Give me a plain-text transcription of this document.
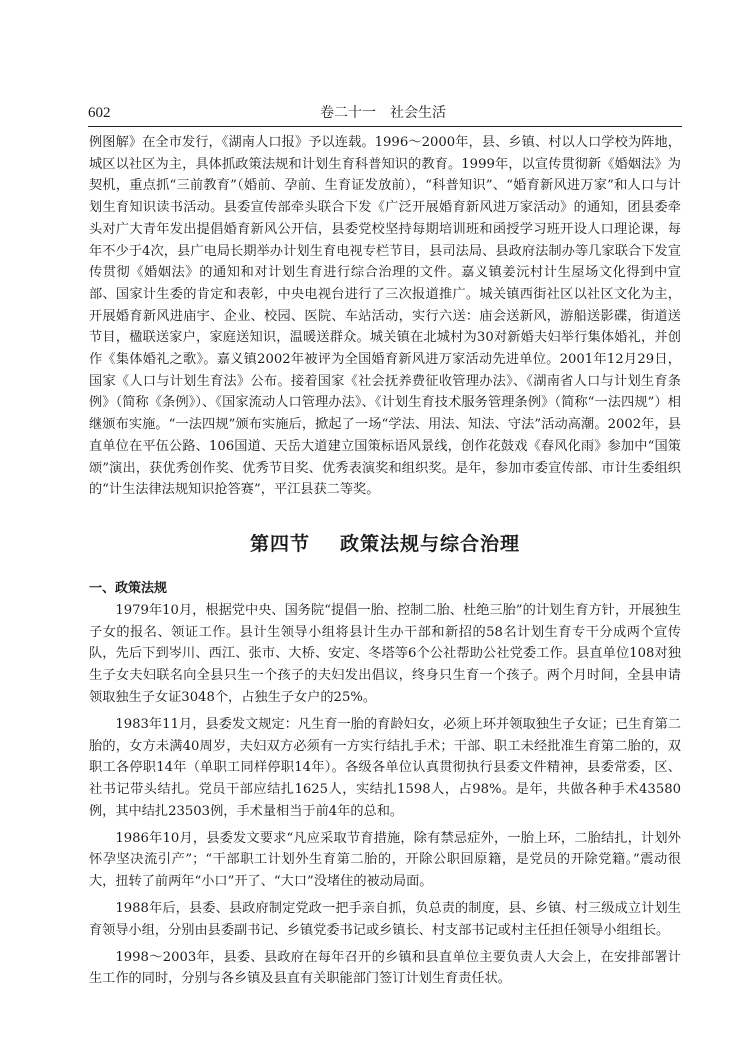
602	卷二十一　社会生活
例图解》在全市发行，《湖南人口报》予以连载。1996～2000年，县、乡镇、村以人口学校为阵地，城区以社区为主，具体抓政策法规和计划生育科普知识的教育。1999年，以宣传贯彻新《婚姻法》为契机，重点抓“三前教育”（婚前、孕前、生育证发放前），“科普知识”、“婚育新风进万家”和人口与计划生育知识读书活动。县委宣传部牵头联合下发《广泛开展婚育新风进万家活动》的通知，团县委牵头对广大青年发出提倡婚育新风公开信，县委党校坚持每期培训班和函授学习班开设人口理论课，每年不少于4次，县广电局长期举办计划生育电视专栏节目，县司法局、县政府法制办等几家联合下发宣传贯彻《婚姻法》的通知和对计划生育进行综合治理的文件。嘉义镇姜沅村计生屋场文化得到中宣部、国家计生委的肯定和表彰，中央电视台进行了三次报道推广。城关镇西街社区以社区文化为主，开展婚育新风进庙宇、企业、校园、医院、车站活动，实行六送：庙会送新风，游船送影碟，街道送节目，楹联送家户，家庭送知识，温暖送群众。城关镇在北城村为30对新婚夫妇举行集体婚礼，并创作《集体婚礼之歌》。嘉义镇2002年被评为全国婚育新风进万家活动先进单位。2001年12月29日，国家《人口与计划生育法》公布。接着国家《社会抚养费征收管理办法》、《湖南省人口与计划生育条例》（简称《条例》）、《国家流动人口管理办法》、《计划生育技术服务管理条例》（简称“一法四规”）相继颁布实施。“一法四规”颁布实施后，掀起了一场“学法、用法、知法、守法”活动高潮。2002年，县直单位在平伍公路、106国道、天岳大道建立国策标语风景线，创作花鼓戏《春风化雨》参加中“国策颂”演出，获优秀创作奖、优秀节目奖、优秀表演奖和组织奖。是年，参加市委宣传部、市计生委组织的“计生法律法规知识抢答赛”，平江县获二等奖。
第四节 政策法规与综合治理
一、政策法规

1979年10月，根据党中央、国务院“提倡一胎、控制二胎、杜绝三胎”的计划生育方针，开展独生子女的报名、领证工作。县计生领导小组将县计生办干部和新招的58名计划生育专干分成两个宣传队，先后下到岑川、西江、张市、大桥、安定、冬塔等6个公社帮助公社党委工作。县直单位108对独生子女夫妇联名向全县只生一个孩子的夫妇发出倡议，终身只生育一个孩子。两个月时间，全县申请领取独生子女证3048个，占独生子女户的25%。

1983年11月，县委发文规定：凡生育一胎的育龄妇女，必须上环并领取独生子女证；已生育第二胎的，女方未满40周岁，夫妇双方必须有一方实行结扎手术；干部、职工未经批准生育第二胎的，双职工各停职14年（单职工同样停职14年）。各级各单位认真贯彻执行县委文件精神，县委常委，区、社书记带头结扎。党员干部应结扎1625人，实结扎1598人，占98%。是年，共做各种手术43580例，其中结扎23503例，手术量相当于前4年的总和。

1986年10月，县委发文要求“凡应采取节育措施，除有禁忌症外，一胎上环，二胎结扎，计划外怀孕坚决流引产”；“干部职工计划外生育第二胎的，开除公职回原籍，是党员的开除党籍。”震动很大，扭转了前两年“小口”开了、“大口”没堵住的被动局面。

1988年后，县委、县政府制定党政一把手亲自抓，负总责的制度，县、乡镇、村三级成立计划生育领导小组，分别由县委副书记、乡镇党委书记或乡镇长、村支部书记或村主任担任领导小组组长。

1998～2003年，县委、县政府在每年召开的乡镇和县直单位主要负责人大会上，在安排部署计生工作的同时，分别与各乡镇及县直有关职能部门签订计划生育责任状。
